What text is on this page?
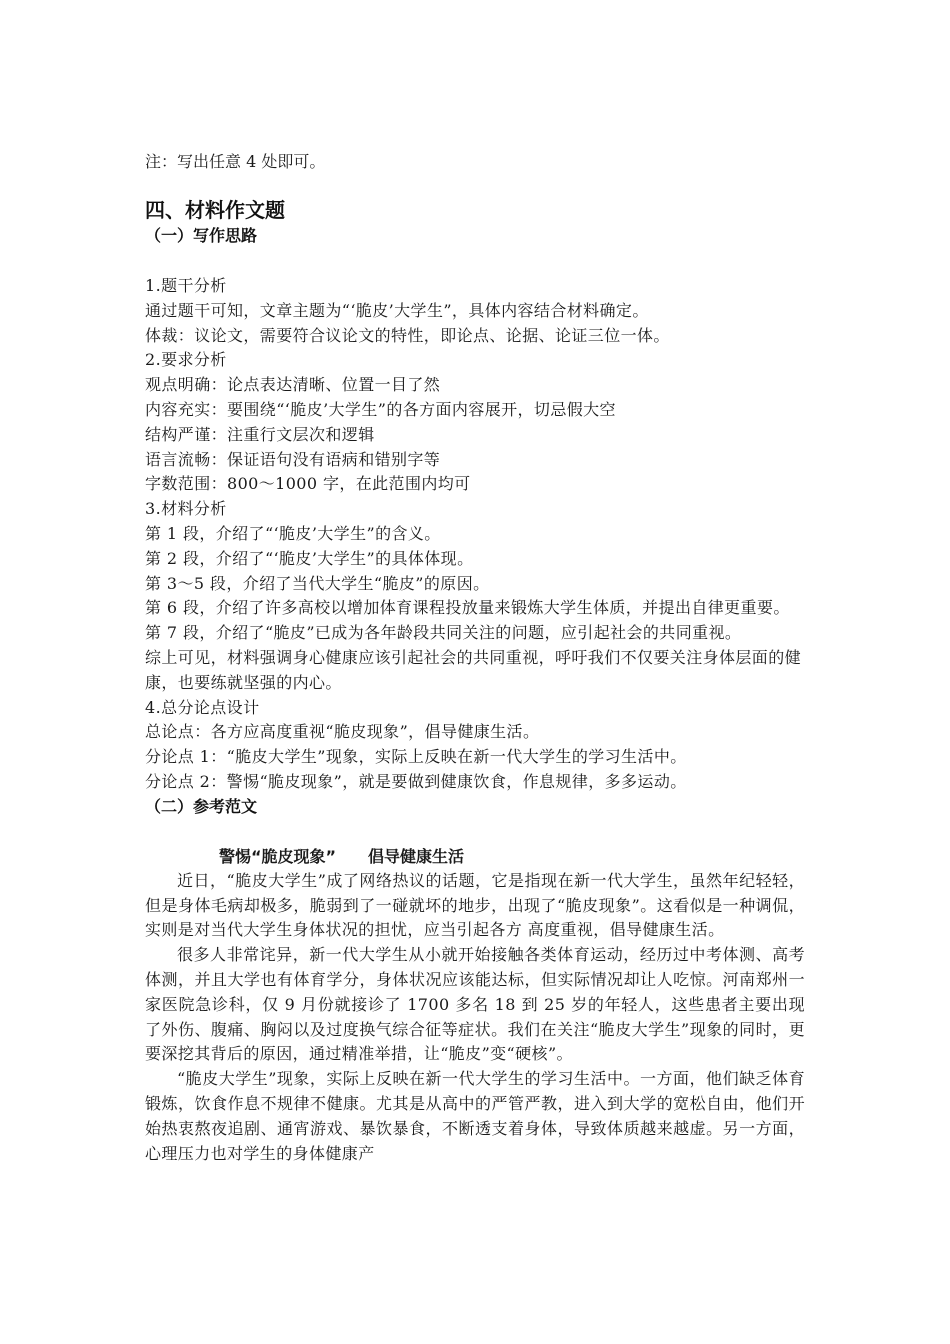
注：写出任意 4 处即可。

四、材料作文题
（一）写作思路

1.题干分析

通过题干可知，文章主题为“‘脆皮’大学生”，具体内容结合材料确定。

体裁：议论文，需要符合议论文的特性，即论点、论据、论证三位一体。

2.要求分析

观点明确：论点表达清晰、位置一目了然

内容充实：要围绕“‘脆皮’大学生”的各方面内容展开，切忌假大空

结构严谨：注重行文层次和逻辑

语言流畅：保证语句没有语病和错别字等

字数范围：800～1000 字，在此范围内均可

3.材料分析

第 1 段，介绍了“‘脆皮’大学生”的含义。

第 2 段，介绍了“‘脆皮’大学生”的具体体现。

第 3～5 段，介绍了当代大学生“脆皮”的原因。

第 6 段，介绍了许多高校以增加体育课程投放量来锻炼大学生体质，并提出自律更重要。

第 7 段，介绍了“脆皮”已成为各年龄段共同关注的问题，应引起社会的共同重视。

综上可见，材料强调身心健康应该引起社会的共同重视，呼吁我们不仅要关注身体层面的健康，也要练就坚强的内心。

4.总分论点设计

总论点：各方应高度重视“脆皮现象”，倡导健康生活。

分论点 1：“脆皮大学生”现象，实际上反映在新一代大学生的学习生活中。

分论点 2：警惕“脆皮现象”，就是要做到健康饮食，作息规律，多多运动。

（二）参考范文
警惕“脆皮现象”　　倡导健康生活

近日，“脆皮大学生”成了网络热议的话题，它是指现在新一代大学生，虽然年纪轻轻，但是身体毛病却极多，脆弱到了一碰就坏的地步，出现了“脆皮现象”。这看似是一种调侃，实则是对当代大学生身体状况的担忧，应当引起各方 高度重视，倡导健康生活。

很多人非常诧异，新一代大学生从小就开始接触各类体育运动，经历过中考体测、高考体测，并且大学也有体育学分，身体状况应该能达标，但实际情况却让人吃惊。河南郑州一家医院急诊科，仅 9 月份就接诊了 1700 多名 18 到 25 岁的年轻人，这些患者主要出现了外伤、腹痛、胸闷以及过度换气综合征等症状。我们在关注“脆皮大学生”现象的同时，更要深挖其背后的原因，通过精准举措，让“脆皮”变“硬核”。

“脆皮大学生”现象，实际上反映在新一代大学生的学习生活中。一方面，他们缺乏体育锻炼，饮食作息不规律不健康。尤其是从高中的严管严教，进入到大学的宽松自由，他们开始热衷熬夜追剧、通宵游戏、暴饮暴食，不断透支着身体，导致体质越来越虚。另一方面，心理压力也对学生的身体健康产
